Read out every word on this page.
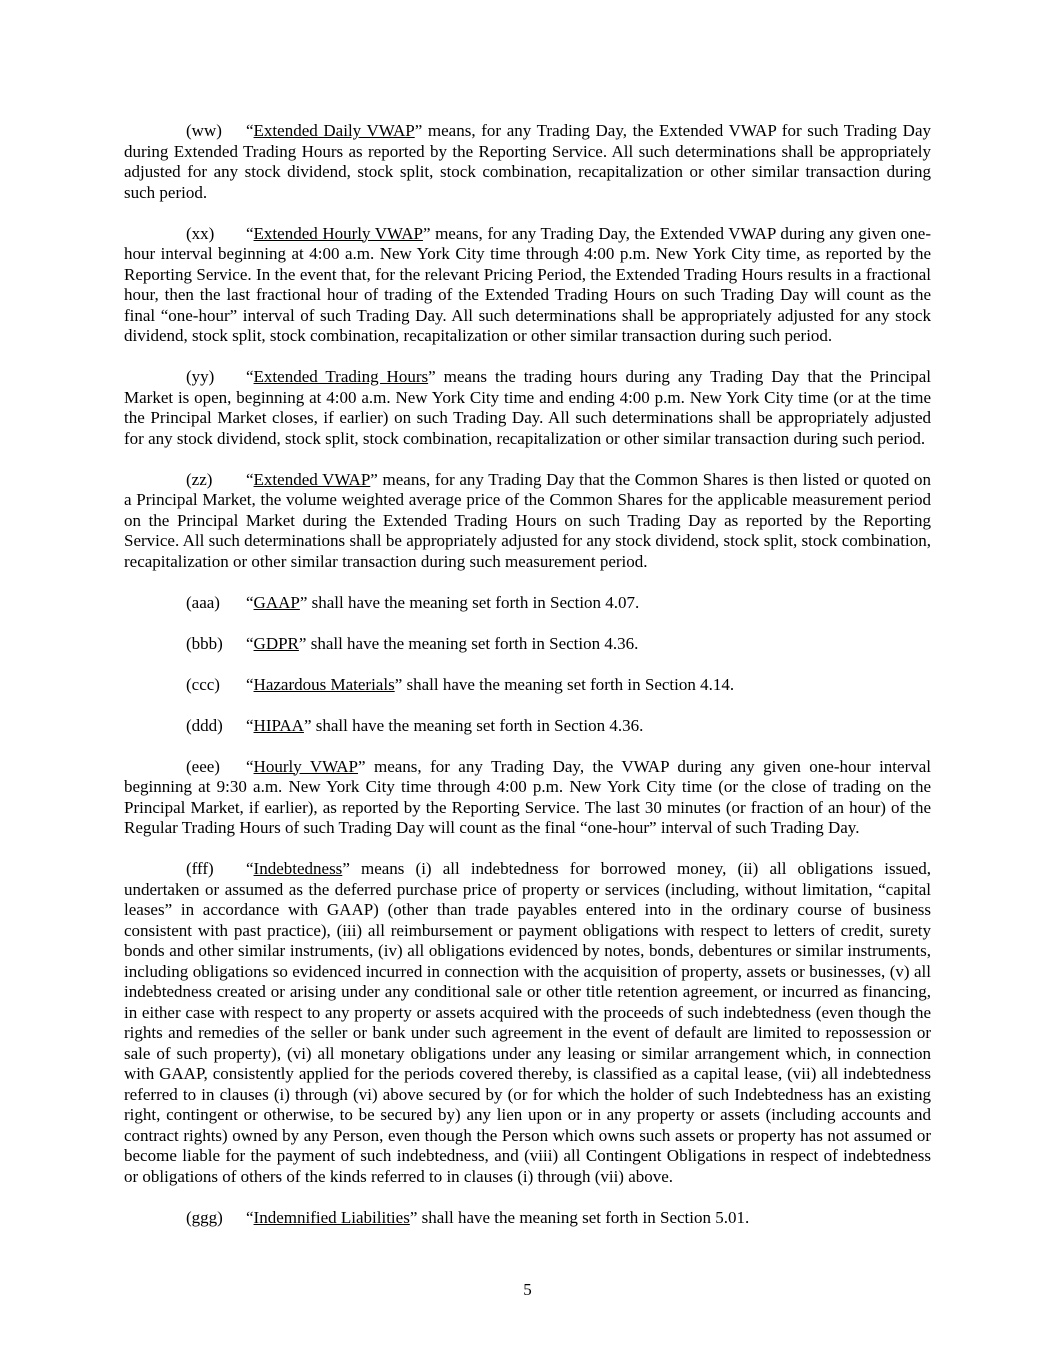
(ww) “Extended Daily VWAP” means, for any Trading Day, the Extended VWAP for such Trading Day during Extended Trading Hours as reported by the Reporting Service. All such determinations shall be appropriately adjusted for any stock dividend, stock split, stock combination, recapitalization or other similar transaction during such period.

(xx) “Extended Hourly VWAP” means, for any Trading Day, the Extended VWAP during any given one-hour interval beginning at 4:00 a.m. New York City time through 4:00 p.m. New York City time, as reported by the Reporting Service. In the event that, for the relevant Pricing Period, the Extended Trading Hours results in a fractional hour, then the last fractional hour of trading of the Extended Trading Hours on such Trading Day will count as the final “one-hour” interval of such Trading Day. All such determinations shall be appropriately adjusted for any stock dividend, stock split, stock combination, recapitalization or other similar transaction during such period.

(yy) “Extended Trading Hours” means the trading hours during any Trading Day that the Principal Market is open, beginning at 4:00 a.m. New York City time and ending 4:00 p.m. New York City time (or at the time the Principal Market closes, if earlier) on such Trading Day. All such determinations shall be appropriately adjusted for any stock dividend, stock split, stock combination, recapitalization or other similar transaction during such period.

(zz) “Extended VWAP” means, for any Trading Day that the Common Shares is then listed or quoted on a Principal Market, the volume weighted average price of the Common Shares for the applicable measurement period on the Principal Market during the Extended Trading Hours on such Trading Day as reported by the Reporting Service. All such determinations shall be appropriately adjusted for any stock dividend, stock split, stock combination, recapitalization or other similar transaction during such measurement period.

(aaa) “GAAP” shall have the meaning set forth in Section 4.07.

(bbb) “GDPR” shall have the meaning set forth in Section 4.36.

(ccc) “Hazardous Materials” shall have the meaning set forth in Section 4.14.

(ddd) “HIPAA” shall have the meaning set forth in Section 4.36.

(eee) “Hourly VWAP” means, for any Trading Day, the VWAP during any given one-hour interval beginning at 9:30 a.m. New York City time through 4:00 p.m. New York City time (or the close of trading on the Principal Market, if earlier), as reported by the Reporting Service. The last 30 minutes (or fraction of an hour) of the Regular Trading Hours of such Trading Day will count as the final “one-hour” interval of such Trading Day.

(fff) “Indebtedness” means (i) all indebtedness for borrowed money, (ii) all obligations issued, undertaken or assumed as the deferred purchase price of property or services (including, without limitation, “capital leases” in accordance with GAAP) (other than trade payables entered into in the ordinary course of business consistent with past practice), (iii) all reimbursement or payment obligations with respect to letters of credit, surety bonds and other similar instruments, (iv) all obligations evidenced by notes, bonds, debentures or similar instruments, including obligations so evidenced incurred in connection with the acquisition of property, assets or businesses, (v) all indebtedness created or arising under any conditional sale or other title retention agreement, or incurred as financing, in either case with respect to any property or assets acquired with the proceeds of such indebtedness (even though the rights and remedies of the seller or bank under such agreement in the event of default are limited to repossession or sale of such property), (vi) all monetary obligations under any leasing or similar arrangement which, in connection with GAAP, consistently applied for the periods covered thereby, is classified as a capital lease, (vii) all indebtedness referred to in clauses (i) through (vi) above secured by (or for which the holder of such Indebtedness has an existing right, contingent or otherwise, to be secured by) any lien upon or in any property or assets (including accounts and contract rights) owned by any Person, even though the Person which owns such assets or property has not assumed or become liable for the payment of such indebtedness, and (viii) all Contingent Obligations in respect of indebtedness or obligations of others of the kinds referred to in clauses (i) through (vii) above.

(ggg) “Indemnified Liabilities” shall have the meaning set forth in Section 5.01.

5
